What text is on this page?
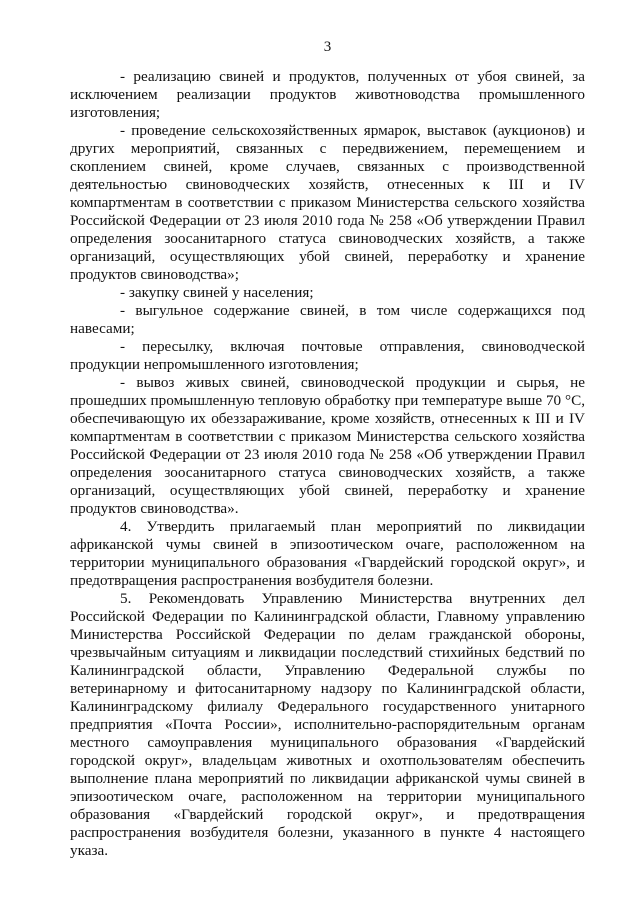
3

- реализацию свиней и продуктов, полученных от убоя свиней, за исключением реализации продуктов животноводства промышленного изготовления;

- проведение сельскохозяйственных ярмарок, выставок (аукционов) и других мероприятий, связанных с передвижением, перемещением и скоплением свиней, кроме случаев, связанных с производственной деятельностью свиноводческих хозяйств, отнесенных к III и IV компартментам в соответствии с приказом Министерства сельского хозяйства Российской Федерации от 23 июля 2010 года № 258 «Об утверждении Правил определения зоосанитарного статуса свиноводческих хозяйств, а также организаций, осуществляющих убой свиней, переработку и хранение продуктов свиноводства»;

- закупку свиней у населения;

- выгульное содержание свиней, в том числе содержащихся под навесами;

- пересылку, включая почтовые отправления, свиноводческой продукции непромышленного изготовления;

- вывоз живых свиней, свиноводческой продукции и сырья, не прошедших промышленную тепловую обработку при температуре выше 70 °С, обеспечивающую их обеззараживание, кроме хозяйств, отнесенных к III и IV компартментам в соответствии с приказом Министерства сельского хозяйства Российской Федерации от 23 июля 2010 года № 258 «Об утверждении Правил определения зоосанитарного статуса свиноводческих хозяйств, а также организаций, осуществляющих убой свиней, переработку и хранение продуктов свиноводства».

4. Утвердить прилагаемый план мероприятий по ликвидации африканской чумы свиней в эпизоотическом очаге, расположенном на территории муниципального образования «Гвардейский городской округ», и предотвращения распространения возбудителя болезни.

5. Рекомендовать Управлению Министерства внутренних дел Российской Федерации по Калининградской области, Главному управлению Министерства Российской Федерации по делам гражданской обороны, чрезвычайным ситуациям и ликвидации последствий стихийных бедствий по Калининградской области, Управлению Федеральной службы по ветеринарному и фитосанитарному надзору по Калининградской области, Калининградскому филиалу Федерального государственного унитарного предприятия «Почта России», исполнительно-распорядительным органам местного самоуправления муниципального образования «Гвардейский городской округ», владельцам животных и охотпользователям обеспечить выполнение плана мероприятий по ликвидации африканской чумы свиней в эпизоотическом очаге, расположенном на территории муниципального образования «Гвардейский городской округ», и предотвращения распространения возбудителя болезни, указанного в пункте 4 настоящего указа.
